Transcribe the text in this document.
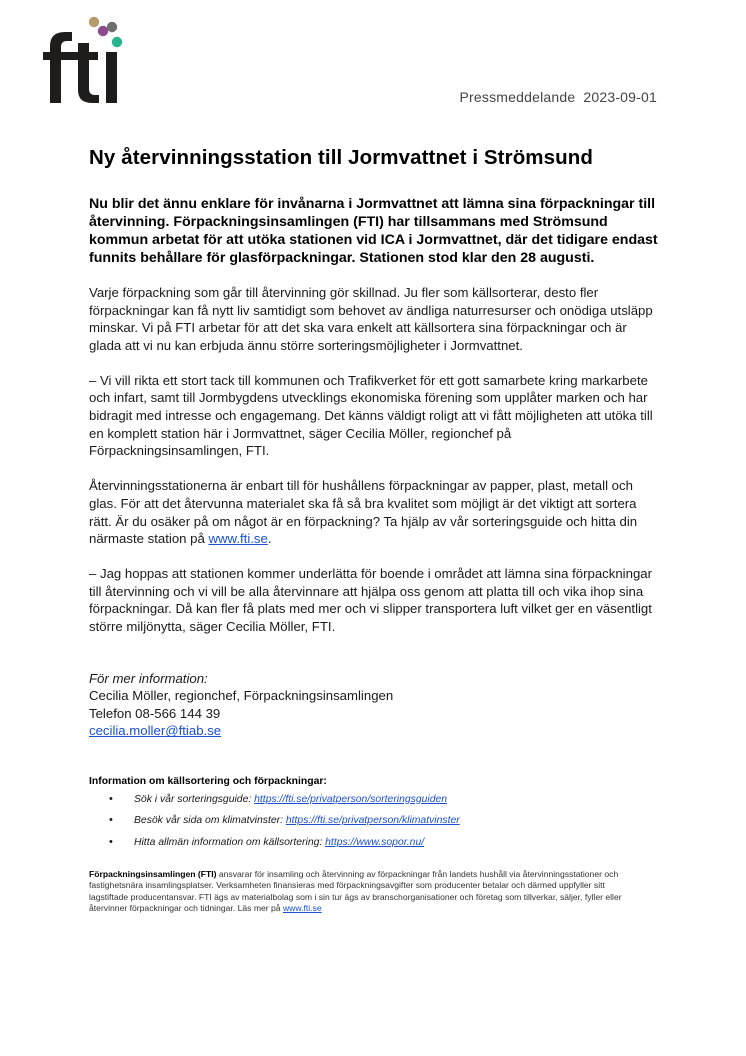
Pressmeddelande 2023-09-01
Ny återvinningsstation till Jormvattnet i Strömsund

Nu blir det ännu enklare för invånarna i Jormvattnet att lämna sina förpackningar till återvinning. Förpackningsinsamlingen (FTI) har tillsammans med Strömsund kommun arbetat för att utöka stationen vid ICA i Jormvattnet, där det tidigare endast funnits behållare för glasförpackningar. Stationen stod klar den 28 augusti.

Varje förpackning som går till återvinning gör skillnad. Ju fler som källsorterar, desto fler förpackningar kan få nytt liv samtidigt som behovet av ändliga naturresurser och onödiga utsläpp minskar. Vi på FTI arbetar för att det ska vara enkelt att källsortera sina förpackningar och är glada att vi nu kan erbjuda ännu större sorteringsmöjligheter i Jormvattnet.

– Vi vill rikta ett stort tack till kommunen och Trafikverket för ett gott samarbete kring markarbete och infart, samt till Jormbygdens utvecklings ekonomiska förening som upplåter marken och har bidragit med intresse och engagemang. Det känns väldigt roligt att vi fått möjligheten att utöka till en komplett station här i Jormvattnet, säger Cecilia Möller, regionchef på Förpackningsinsamlingen, FTI.

Återvinningsstationerna är enbart till för hushållens förpackningar av papper, plast, metall och glas. För att det återvunna materialet ska få så bra kvalitet som möjligt är det viktigt att sortera rätt. Är du osäker på om något är en förpackning? Ta hjälp av vår sorteringsguide och hitta din närmaste station på www.fti.se.

– Jag hoppas att stationen kommer underlätta för boende i området att lämna sina förpackningar till återvinning och vi vill be alla återvinnare att hjälpa oss genom att platta till och vika ihop sina förpackningar. Då kan fler få plats med mer och vi slipper transportera luft vilket ger en väsentligt större miljönytta, säger Cecilia Möller, FTI.

För mer information:
Cecilia Möller, regionchef, Förpackningsinsamlingen
Telefon 08-566 144 39
cecilia.moller@ftiab.se

Information om källsortering och förpackningar:

• Sök i vår sorteringsguide: https://fti.se/privatperson/sorteringsguiden
• Besök vår sida om klimatvinster: https://fti.se/privatperson/klimatvinster
• Hitta allmän information om källsortering: https://www.sopor.nu/
Förpackningsinsamlingen (FTI) ansvarar för insamling och återvinning av förpackningar från landets hushåll via återvinningsstationer och fastighetsnära insamlingsplatser. Verksamheten finansieras med förpackningsavgifter som producenter betalar och därmed uppfyller sitt lagstiftade producentansvar. FTI ägs av materialbolag som i sin tur ägs av branschorganisationer och företag som tillverkar, säljer, fyller eller återvinner förpackningar och tidningar. Läs mer på www.fti.se
